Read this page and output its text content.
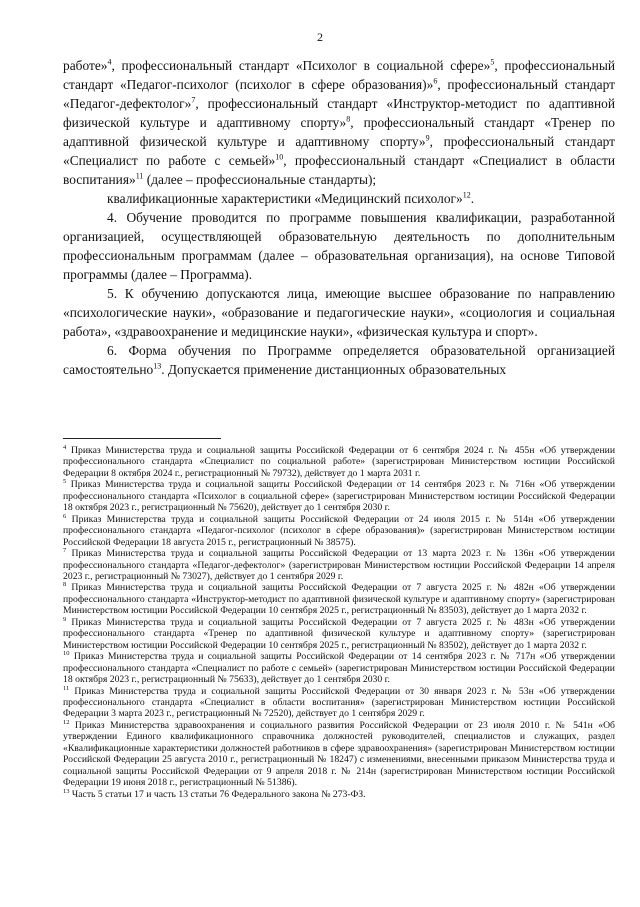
2

работе»$^4$, профессиональный стандарт «Психолог в социальной сфере»$^5$, профессиональный стандарт «Педагог-психолог (психолог в сфере образования)»$^6$, профессиональный стандарт «Педагог-дефектолог»$^7$, профессиональный стандарт «Инструктор-методист по адаптивной физической культуре и адаптивному спорту»$^8$, профессиональный стандарт «Тренер по адаптивной физической культуре и адаптивному спорту»$^9$, профессиональный стандарт «Специалист по работе с семьей»$^{10}$, профессиональный стандарт «Специалист в области воспитания»$^{11}$ (далее – профессиональные стандарты);

квалификационные характеристики «Медицинский психолог»$^{12}$.

4. Обучение проводится по программе повышения квалификации, разработанной организацией, осуществляющей образовательную деятельность по дополнительным профессиональным программам (далее – образовательная организация), на основе Типовой программы (далее – Программа).

5. К обучению допускаются лица, имеющие высшее образование по направлению «психологические науки», «образование и педагогические науки», «социология и социальная работа», «здравоохранение и медицинские науки», «физическая культура и спорт».

6. Форма обучения по Программе определяется образовательной организацией самостоятельно$^{13}$. Допускается применение дистанционных образовательных

$^4$ Приказ Министерства труда и социальной защиты Российской Федерации от 6 сентября 2024 г. № 455н «Об утверждении профессионального стандарта «Специалист по социальной работе» (зарегистрирован Министерством юстиции Российской Федерации 8 октября 2024 г., регистрационный № 79732), действует до 1 марта 2031 г.

$^5$ Приказ Министерства труда и социальной защиты Российской Федерации от 14 сентября 2023 г. № 716н «Об утверждении профессионального стандарта «Психолог в социальной сфере» (зарегистрирован Министерством юстиции Российской Федерации 18 октября 2023 г., регистрационный № 75620), действует до 1 сентября 2030 г.

$^6$ Приказ Министерства труда и социальной защиты Российской Федерации от 24 июля 2015 г. № 514н «Об утверждении профессионального стандарта «Педагог-психолог (психолог в сфере образования)» (зарегистрирован Министерством юстиции Российской Федерации 18 августа 2015 г., регистрационный № 38575).

$^7$ Приказ Министерства труда и социальной защиты Российской Федерации от 13 марта 2023 г. № 136н «Об утверждении профессионального стандарта «Педагог-дефектолог» (зарегистрирован Министерством юстиции Российской Федерации 14 апреля 2023 г., регистрационный № 73027), действует до 1 сентября 2029 г.

$^8$ Приказ Министерства труда и социальной защиты Российской Федерации от 7 августа 2025 г. № 482н «Об утверждении профессионального стандарта «Инструктор-методист по адаптивной физической культуре и адаптивному спорту» (зарегистрирован Министерством юстиции Российской Федерации 10 сентября 2025 г., регистрационный № 83503), действует до 1 марта 2032 г.

$^9$ Приказ Министерства труда и социальной защиты Российской Федерации от 7 августа 2025 г. № 483н «Об утверждении профессионального стандарта «Тренер по адаптивной физической культуре и адаптивному спорту» (зарегистрирован Министерством юстиции Российской Федерации 10 сентября 2025 г., регистрационный № 83502), действует до 1 марта 2032 г.

$^{10}$ Приказ Министерства труда и социальной защиты Российской Федерации от 14 сентября 2023 г. № 717н «Об утверждении профессионального стандарта «Специалист по работе с семьей» (зарегистрирован Министерством юстиции Российской Федерации 18 октября 2023 г., регистрационный № 75633), действует до 1 сентября 2030 г.

$^{11}$ Приказ Министерства труда и социальной защиты Российской Федерации от 30 января 2023 г. № 53н «Об утверждении профессионального стандарта «Специалист в области воспитания» (зарегистрирован Министерством юстиции Российской Федерации 3 марта 2023 г., регистрационный № 72520), действует до 1 сентября 2029 г.

$^{12}$ Приказ Министерства здравоохранения и социального развития Российской Федерации от 23 июля 2010 г. № 541н «Об утверждении Единого квалификационного справочника должностей руководителей, специалистов и служащих, раздел «Квалификационные характеристики должностей работников в сфере здравоохранения» (зарегистрирован Министерством юстиции Российской Федерации 25 августа 2010 г., регистрационный № 18247) с изменениями, внесенными приказом Министерства труда и социальной защиты Российской Федерации от 9 апреля 2018 г. № 214н (зарегистрирован Министерством юстиции Российской Федерации 19 июня 2018 г., регистрационный № 51386).

$^{13}$ Часть 5 статьи 17 и часть 13 статьи 76 Федерального закона № 273-ФЗ.
